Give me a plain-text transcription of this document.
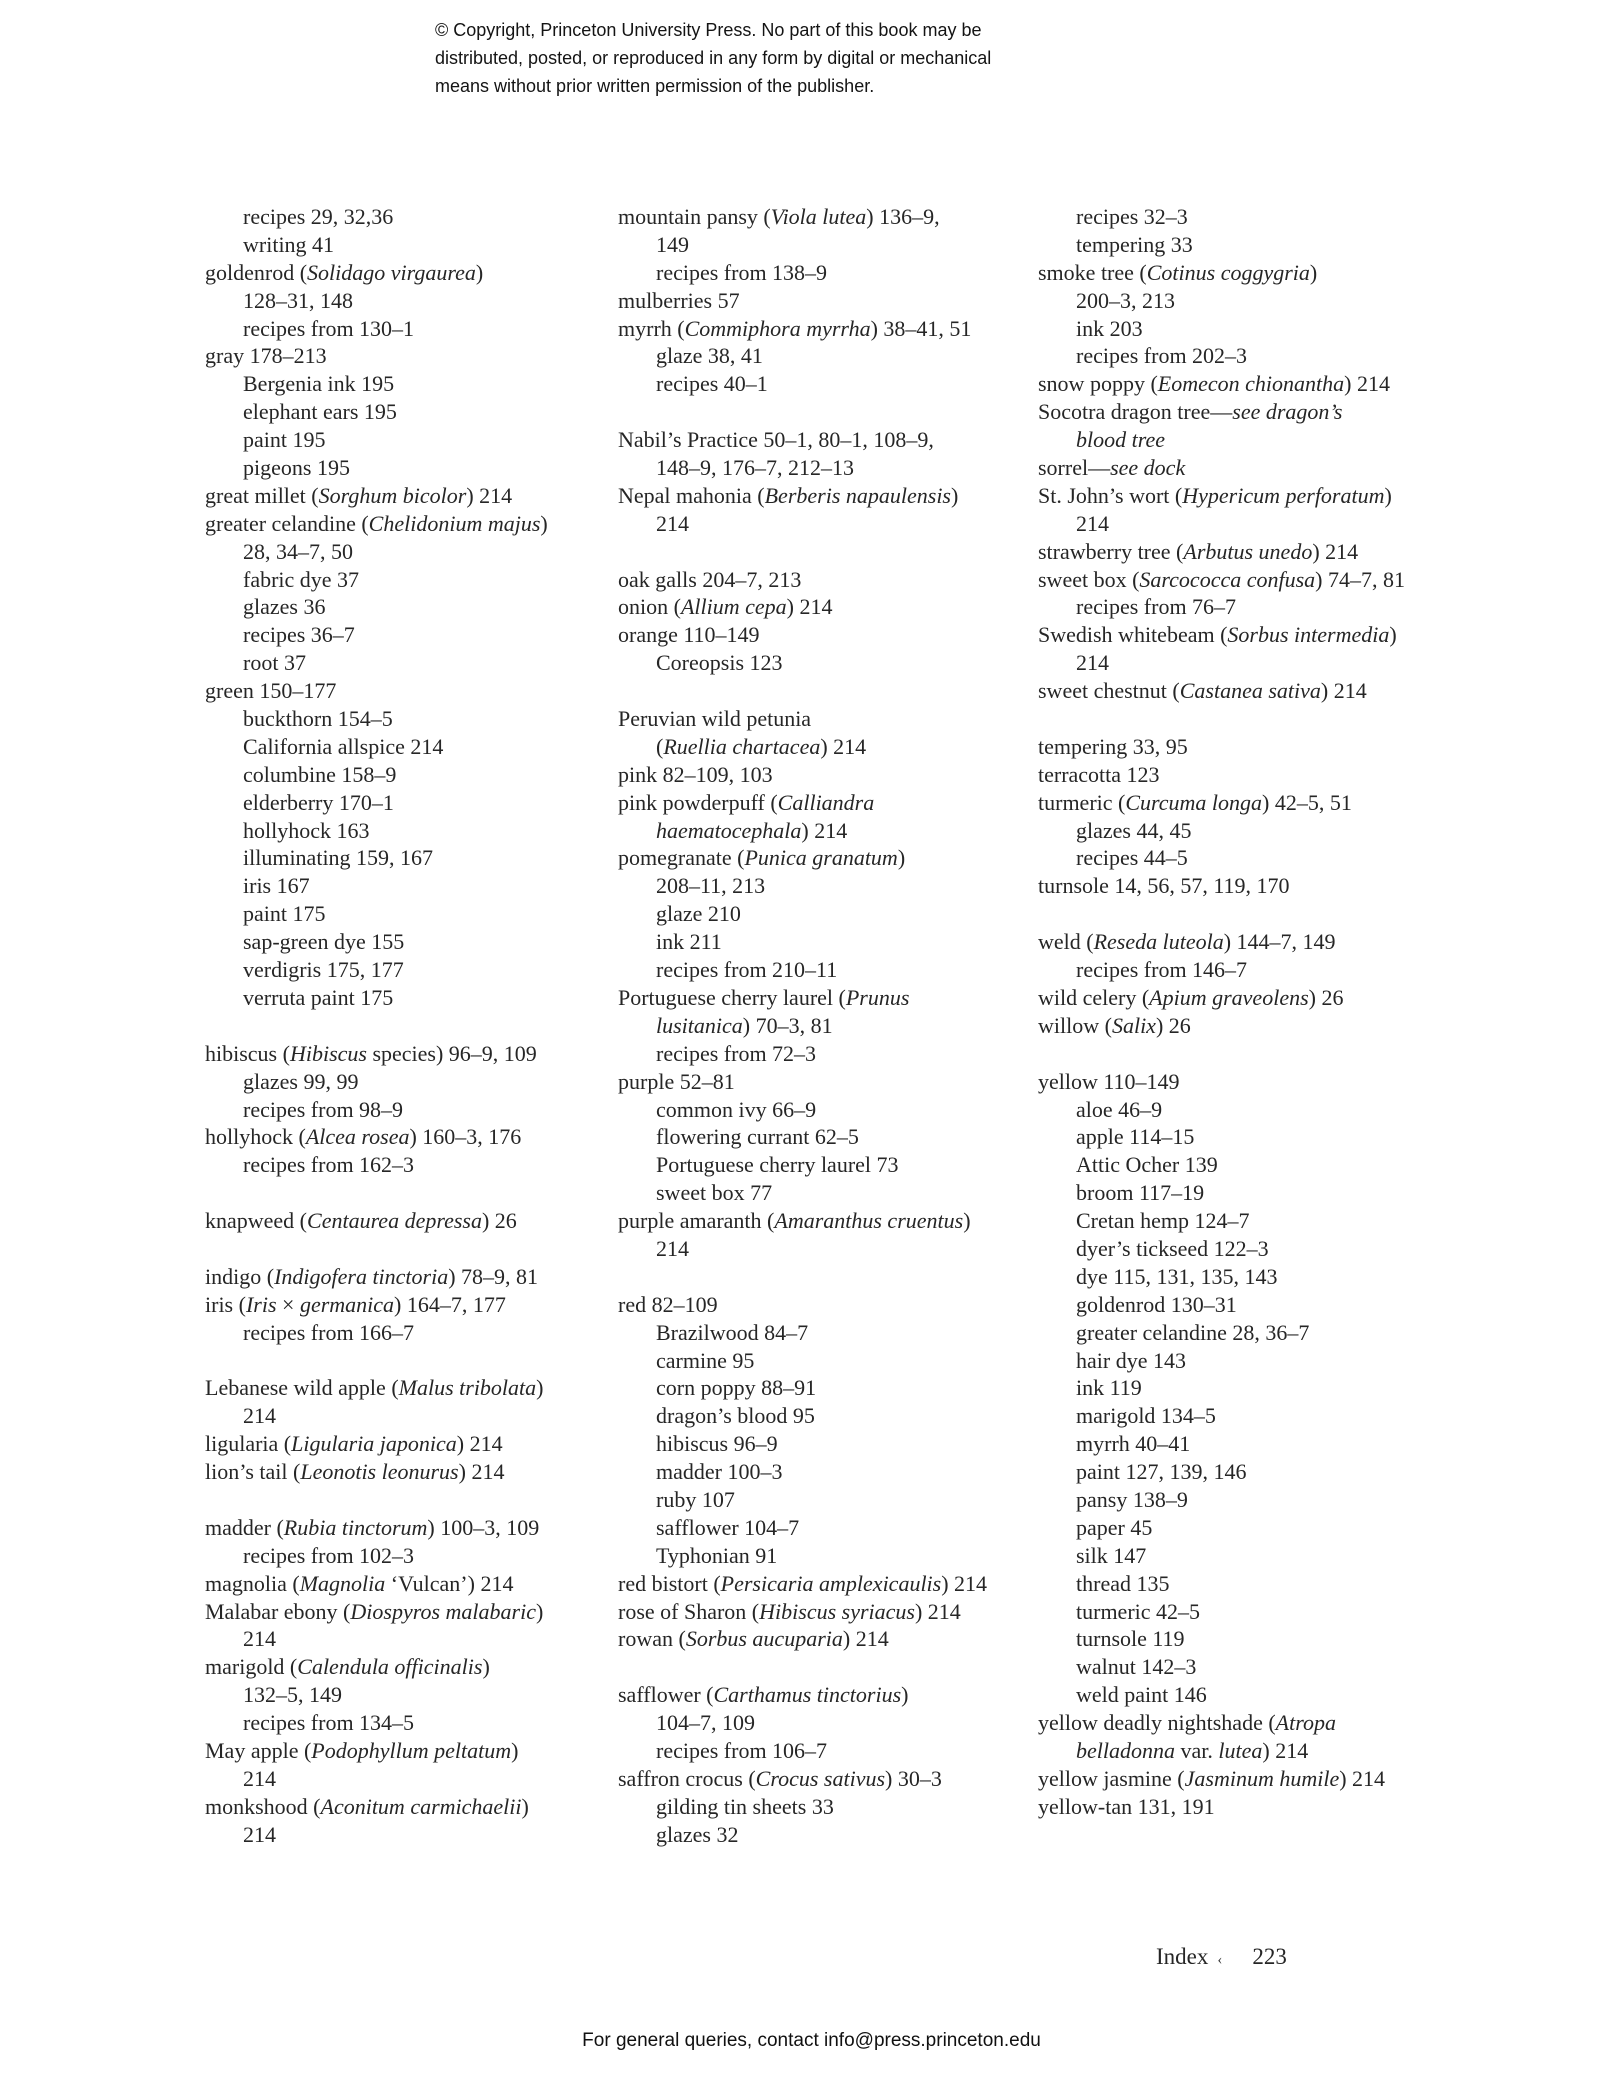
© Copyright, Princeton University Press. No part of this book may be
distributed, posted, or reproduced in any form by digital or mechanical
means without prior written permission of the publisher.
recipes 29, 32,36
writing 41
goldenrod (Solidago virgaurea)
128–31, 148
recipes from 130–1
gray 178–213
Bergenia ink 195
elephant ears 195
paint 195
pigeons 195
great millet (Sorghum bicolor) 214
greater celandine (Chelidonium majus)
28, 34–7, 50
fabric dye 37
glazes 36
recipes 36–7
root 37
green 150–177
buckthorn 154–5
California allspice 214
columbine 158–9
elderberry 170–1
hollyhock 163
illuminating 159, 167
iris 167
paint 175
sap-green dye 155
verdigris 175, 177
verruta paint 175
hibiscus (Hibiscus species) 96–9, 109
glazes 99, 99
recipes from 98–9
hollyhock (Alcea rosea) 160–3, 176
recipes from 162–3
knapweed (Centaurea depressa) 26
indigo (Indigofera tinctoria) 78–9, 81
iris (Iris × germanica) 164–7, 177
recipes from 166–7
Lebanese wild apple (Malus tribolata)
214
ligularia (Ligularia japonica) 214
lion’s tail (Leonotis leonurus) 214
madder (Rubia tinctorum) 100–3, 109
recipes from 102–3
magnolia (Magnolia ‘Vulcan’) 214
Malabar ebony (Diospyros malabaric)
214
marigold (Calendula officinalis)
132–5, 149
recipes from 134–5
May apple (Podophyllum peltatum)
214
monkshood (Aconitum carmichaelii)
214
mountain pansy (Viola lutea) 136–9,
149
recipes from 138–9
mulberries 57
myrrh (Commiphora myrrha) 38–41, 51
glaze 38, 41
recipes 40–1
Nabil’s Practice 50–1, 80–1, 108–9,
148–9, 176–7, 212–13
Nepal mahonia (Berberis napaulensis)
214
oak galls 204–7, 213
onion (Allium cepa) 214
orange 110–149
Coreopsis 123
Peruvian wild petunia
(Ruellia chartacea) 214
pink 82–109, 103
pink powderpuff (Calliandra
haematocephala) 214
pomegranate (Punica granatum)
208–11, 213
glaze 210
ink 211
recipes from 210–11
Portuguese cherry laurel (Prunus
lusitanica) 70–3, 81
recipes from 72–3
purple 52–81
common ivy 66–9
flowering currant 62–5
Portuguese cherry laurel 73
sweet box 77
purple amaranth (Amaranthus cruentus)
214
red 82–109
Brazilwood 84–7
carmine 95
corn poppy 88–91
dragon’s blood 95
hibiscus 96–9
madder 100–3
ruby 107
safflower 104–7
Typhonian 91
red bistort (Persicaria amplexicaulis) 214
rose of Sharon (Hibiscus syriacus) 214
rowan (Sorbus aucuparia) 214
safflower (Carthamus tinctorius)
104–7, 109
recipes from 106–7
saffron crocus (Crocus sativus) 30–3
gilding tin sheets 33
glazes 32
recipes 32–3
tempering 33
smoke tree (Cotinus coggygria)
200–3, 213
ink 203
recipes from 202–3
snow poppy (Eomecon chionantha) 214
Socotra dragon tree—see dragon’s
blood tree
sorrel—see dock
St. John’s wort (Hypericum perforatum)
214
strawberry tree (Arbutus unedo) 214
sweet box (Sarcococca confusa) 74–7, 81
recipes from 76–7
Swedish whitebeam (Sorbus intermedia)
214
sweet chestnut (Castanea sativa) 214
tempering 33, 95
terracotta 123
turmeric (Curcuma longa) 42–5, 51
glazes 44, 45
recipes 44–5
turnsole 14, 56, 57, 119, 170
weld (Reseda luteola) 144–7, 149
recipes from 146–7
wild celery (Apium graveolens) 26
willow (Salix) 26
yellow 110–149
aloe 46–9
apple 114–15
Attic Ocher 139
broom 117–19
Cretan hemp 124–7
dyer’s tickseed 122–3
dye 115, 131, 135, 143
goldenrod 130–31
greater celandine 28, 36–7
hair dye 143
ink 119
marigold 134–5
myrrh 40–41
paint 127, 139, 146
pansy 138–9
paper 45
silk 147
thread 135
turmeric 42–5
turnsole 119
walnut 142–3
weld paint 146
yellow deadly nightshade (Atropa
belladonna var. lutea) 214
yellow jasmine (Jasminum humile) 214
yellow-tan 131, 191
Index ‹ 223
For general queries, contact info@press.princeton.edu
